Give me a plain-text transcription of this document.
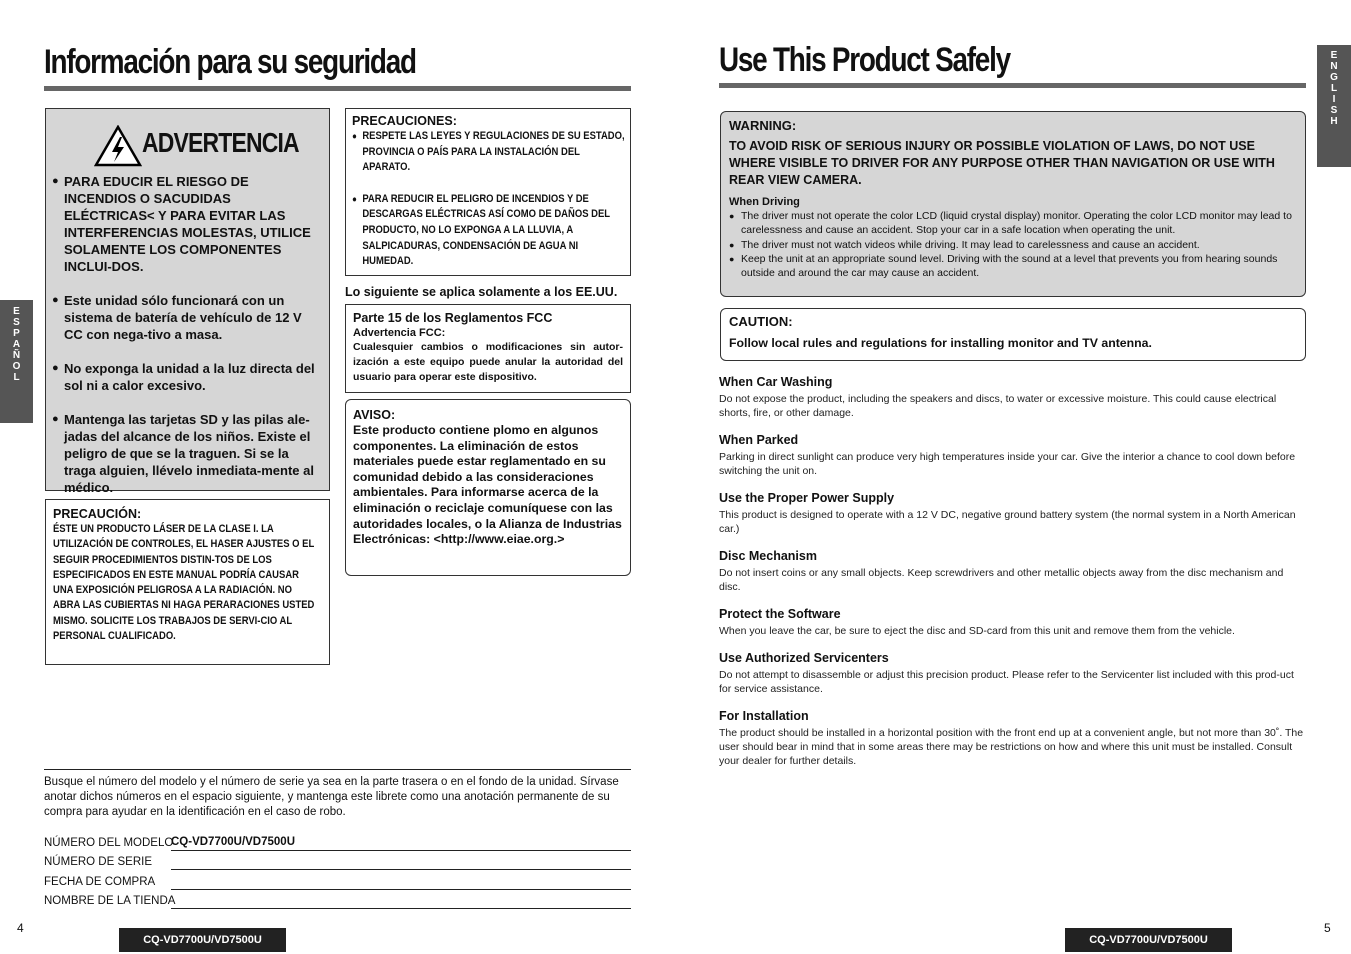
Información para su seguridad
E
S
P
A
Ñ
O
L
ADVERTENCIA
● PARA EDUCIR EL RIESGO DE INCENDIOS O SACUDIDAS ELÉCTRICAS< Y PARA EVITAR LAS INTERFERENCIAS MOLESTAS, UTILICE SOLAMENTE LOS COMPONENTES INCLUI-DOS.
● Este unidad sólo funcionará con un sistema de batería de vehículo de 12 V CC con nega-tivo a masa.
● No exponga la unidad a la luz directa del sol ni a calor excesivo.
● Mantenga las tarjetas SD y las pilas ale-jadas del alcance de los niños. Existe el peligro de que se la traguen. Si se la traga alguien, llévelo inmediata-mente al médico.
PRECAUCIÓN:
ÉSTE UN PRODUCTO LÁSER DE LA CLASE I. LA UTILIZACIÓN DE CONTROLES, EL HASER AJUSTES O EL SEGUIR PROCEDIMIENTOS DISTIN-TOS DE LOS ESPECIFICADOS EN ESTE MANUAL PODRÍA CAUSAR UNA EXPOSICIÓN PELIGROSA A LA RADIACIÓN. NO ABRA LAS CUBIERTAS NI HAGA PERARACIONES USTED MISMO. SOLICITE LOS TRABAJOS DE SERVI-CIO AL PERSONAL CUALIFICADO.
PRECAUCIONES:
● RESPETE LAS LEYES Y REGULACIONES DE SU ESTADO, PROVINCIA O PAÍS PARA LA INSTALACIÓN DEL APARATO.
● PARA REDUCIR EL PELIGRO DE INCENDIOS Y DE DESCARGAS ELÉCTRICAS ASÍ COMO DE DAÑOS DEL PRODUCTO, NO LO EXPONGA A LA LLUVIA, A SALPICADURAS, CONDENSACIÓN DE AGUA NI HUMEDAD.
Lo siguiente se aplica solamente a los EE.UU.
Parte 15 de los Reglamentos FCC
Advertencia FCC:
Cualesquier cambios o modificaciones sin autor-ización a este equipo puede anular la autoridad del usuario para operar este dispositivo.
AVISO:
Este producto contiene plomo en algunos componentes. La eliminación de estos materiales puede estar reglamentado en su comunidad debido a las consideraciones ambientales. Para informarse acerca de la eliminación o reciclaje comuníquese con las autoridades locales, o la Alianza de Industrias Electrónicas: <http://www.eiae.org.>
Busque el número del modelo y el número de serie ya sea en la parte trasera o en el fondo de la unidad. Sírvase anotar dichos números en el espacio siguiente, y mantenga este librete como una anotación permanente de su compra para ayudar en la identificación en el caso de robo.
NÚMERO DEL MODELO
CQ-VD7700U/VD7500U
NÚMERO DE SERIE
FECHA DE COMPRA
NOMBRE DE LA TIENDA
4
CQ-VD7700U/VD7500U
Use This Product Safely	E
N
G
L
I
S
H
WARNING:
TO AVOID RISK OF SERIOUS INJURY OR POSSIBLE VIOLATION OF LAWS, DO NOT USE WHERE VISIBLE TO DRIVER FOR ANY PURPOSE OTHER THAN NAVIGATION OR USE WITH REAR VIEW CAMERA.
When Driving
● The driver must not operate the color LCD (liquid crystal display) monitor. Operating the color LCD monitor may lead to carelessness and cause an accident. Stop your car in a safe location when operating the unit.
● The driver must not watch videos while driving. It may lead to carelessness and cause an accident.
● Keep the unit at an appropriate sound level. Driving with the sound at a level that prevents you from hearing sounds outside and around the car may cause an accident.
CAUTION:
Follow local rules and regulations for installing monitor and TV antenna.
When Car Washing
Do not expose the product, including the speakers and discs, to water or excessive moisture. This could cause electrical shorts, fire, or other damage.
When Parked
Parking in direct sunlight can produce very high temperatures inside your car. Give the interior a chance to cool down before switching the unit on.
Use the Proper Power Supply
This product is designed to operate with a 12 V DC, negative ground battery system (the normal system in a North American car.)
Disc Mechanism
Do not insert coins or any small objects. Keep screwdrivers and other metallic objects away from the disc mechanism and disc.
Protect the Software
When you leave the car, be sure to eject the disc and SD-card from this unit and remove them from the vehicle.
Use Authorized Servicenters
Do not attempt to disassemble or adjust this precision product. Please refer to the Servicenter list included with this prod-uct for service assistance.
For Installation
The product should be installed in a horizontal position with the front end up at a convenient angle, but not more than 30˚. The user should bear in mind that in some areas there may be restrictions on how and where this unit must be installed. Consult your dealer for further details.
5
CQ-VD7700U/VD7500U
